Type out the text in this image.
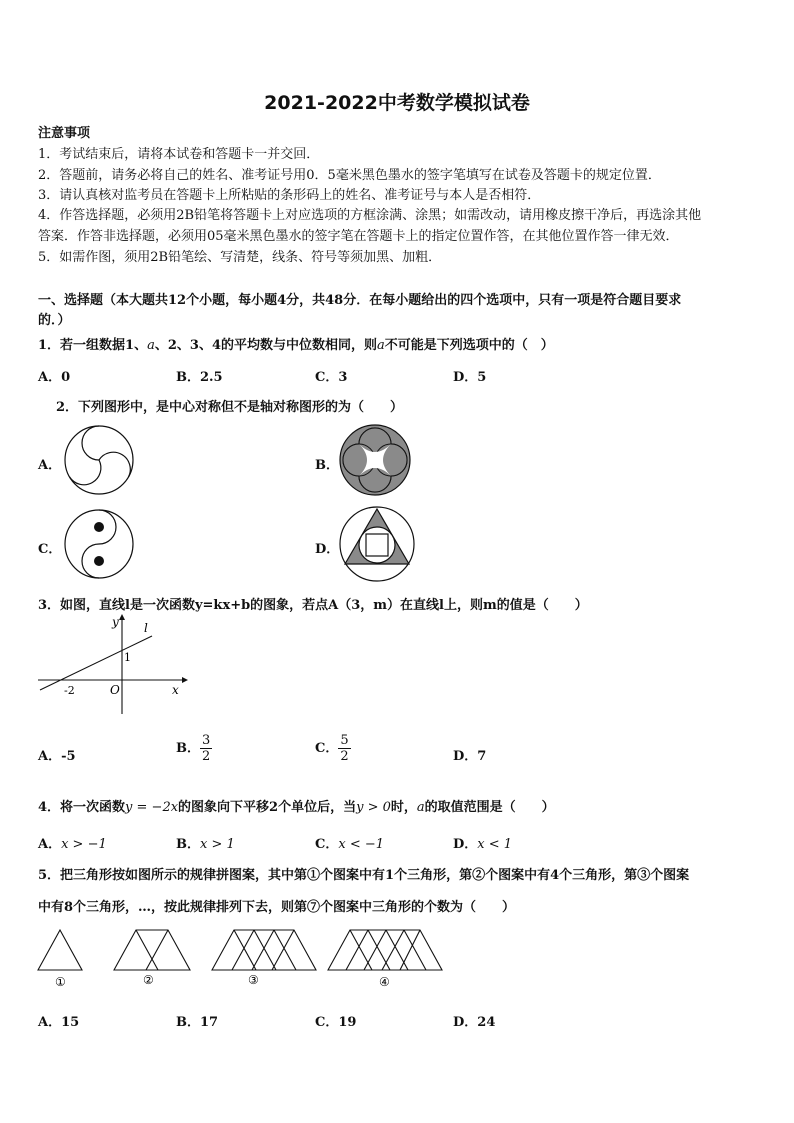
2021-2022中考数学模拟试卷
注意事项
1．考试结束后，请将本试卷和答题卡一并交回．
2．答题前，请务必将自己的姓名、准考证号用0．5毫米黑色墨水的签字笔填写在试卷及答题卡的规定位置．
3．请认真核对监考员在答题卡上所粘贴的条形码上的姓名、准考证号与本人是否相符．
4．作答选择题，必须用2B铅笔将答题卡上对应选项的方框涂满、涂黑；如需改动，请用橡皮擦干净后，再选涂其他
答案．作答非选择题，必须用05毫米黑色墨水的签字笔在答题卡上的指定位置作答，在其他位置作答一律无效．
5．如需作图，须用2B铅笔绘、写清楚，线条、符号等须加黑、加粗．
一、选择题（本大题共12个小题，每小题4分，共48分．在每小题给出的四个选项中，只有一项是符合题目要求
的．）
1．若一组数据1、a、2、3、4的平均数与中位数相同，则a不可能是下列选项中的（　）
A．0	B．2.5	C．3	D．5
2．下列图形中，是中心对称但不是轴对称图形的为（　　）
A．	B．
C．	D．
3．如图，直线l是一次函数y=kx+b的图象，若点A（3，m）在直线l上，则m的值是（　　）
y l
1
-2	O	x
A．-5
B． $\frac{3}{2}$	C． $\frac{5}{2}$	D．7
4．将一次函数y = −2x的图象向下平移2个单位后，当y > 0时，a的取值范围是（　　）
A．x > −1	B．x > 1	C．x < −1	D．x < 1
5．把三角形按如图所示的规律拼图案，其中第①个图案中有1个三角形，第②个图案中有4个三角形，第③个图案
中有8个三角形，…，按此规律排列下去，则第⑦个图案中三角形的个数为（　　）
①	②	③	④
A．15	B．17	C．19	D．24
